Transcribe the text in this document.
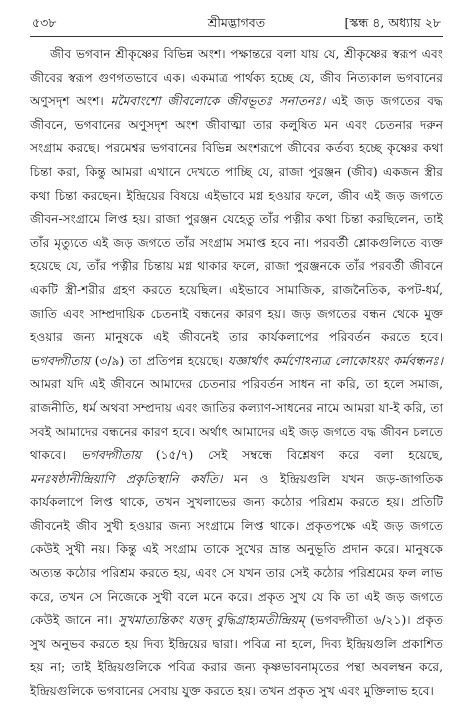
৫৩৮	শ্রীমদ্ভাগবত	[স্কন্ধ ৪, অধ্যায় ২৮

জীব ভগবান শ্রীকৃষ্ণের বিভিন্ন অংশ। পক্ষান্তরে বলা যায় যে, শ্রীকৃষ্ণের স্বরূপ এবং জীবের স্বরূপ গুণগতভাবে এক। একমাত্র পার্থক্য হচ্ছে যে, জীব নিত্যকাল ভগবানের অণুসদৃশ অংশ। মমৈবাংশো জীবলোকে জীবভূতঃ সনাতনঃ। এই জড় জগতের বদ্ধ জীবনে, ভগবানের অণুসদৃশ অংশ জীবাত্মা তার কলুষিত মন এবং চেতনার দরুন সংগ্রাম করছে। পরমেশ্বর ভগবানের বিভিন্ন অংশরূপে জীবের কর্তব্য হচ্ছে কৃষ্ণের কথা চিন্তা করা, কিন্তু আমরা এখানে দেখতে পাচ্ছি যে, রাজা পুরঞ্জন (জীব) একজন স্ত্রীর কথা চিন্তা করছেন। ইন্দ্রিয়ের বিষয়ে এইভাবে মগ্ন হওয়ার ফলে, জীব এই জড় জগতে জীবন-সংগ্রামে লিপ্ত হয়। রাজা পুরঞ্জন যেহেতু তাঁর পত্নীর কথা চিন্তা করছিলেন, তাই তাঁর মৃত্যুতে এই জড় জগতে তাঁর সংগ্রাম সমাপ্ত হবে না। পরবর্তী শ্লোকগুলিতে ব্যক্ত হয়েছে যে, তাঁর পত্নীর চিন্তায় মগ্ন থাকার ফলে, রাজা পুরঞ্জনকে তাঁর পরবর্তী জীবনে একটি স্ত্রী-শরীর গ্রহণ করতে হয়েছিল। এইভাবে সামাজিক, রাজনৈতিক, কপট-ধর্ম, জাতি এবং সাম্প্রদায়িক চেতনাই বন্ধনের কারণ হয়। জড় জগতের বন্ধন থেকে মুক্ত হওয়ার জন্য মানুষকে এই জীবনেই তার কার্যকলাপের পরিবর্তন করতে হবে। ভগবদ্গীতায় (৩/৯) তা প্রতিপন্ন হয়েছে। যজ্ঞার্থাৎ কর্মণোঽন্যত্র লোকোঽয়ং কর্মবন্ধনঃ। আমরা যদি এই জীবনে আমাদের চেতনার পরিবর্তন সাধন না করি, তা হলে সমাজ, রাজনীতি, ধর্ম অথবা সম্প্রদায় এবং জাতির কল্যাণ-সাধনের নামে আমরা যা-ই করি, তা সবই আমাদের বন্ধনের কারণ হবে। অর্থাৎ আমাদের এই জড় জগতে বদ্ধ জীবন চলতে থাকবে। ভগবদ্গীতায় (১৫/৭) সেই সম্বন্ধে বিশ্লেষণ করে বলা হয়েছে, মনঃষষ্ঠানীন্দ্রিয়াণি প্রকৃতিস্থানি কর্ষতি। মন ও ইন্দ্রিয়গুলি যখন জড়-জাগতিক কার্যকলাপে লিপ্ত থাকে, তখন সুখলাভের জন্য কঠোর পরিশ্রম করতে হয়। প্রতিটি জীবনেই জীব সুখী হওয়ার জন্য সংগ্রামে লিপ্ত থাকে। প্রকৃতপক্ষে এই জড় জগতে কেউই সুখী নয়। কিন্তু এই সংগ্রাম তাকে সুখের ভ্রান্ত অনুভূতি প্রদান করে। মানুষকে অত্যন্ত কঠোর পরিশ্রম করতে হয়, এবং সে যখন তার সেই কঠোর পরিশ্রমের ফল লাভ করে, তখন সে নিজেকে সুখী বলে মনে করে। প্রকৃত সুখ যে কি তা এই জড় জগতে কেউই জানে না। সুখমাত্যন্তিকং যত্তদ্ বুদ্ধিগ্রাহ্যমতীন্দ্রিয়ম্ (ভগবদ্গীতা ৬/২১)। প্রকৃত সুখ অনুভব করতে হয় দিব্য ইন্দ্রিয়ের দ্বারা। পবিত্র না হলে, দিব্য ইন্দ্রিয়গুলি প্রকাশিত হয় না; তাই ইন্দ্রিয়গুলিকে পবিত্র করার জন্য কৃষ্ণভাবনামৃতের পন্থা অবলম্বন করে, ইন্দ্রিয়গুলিকে ভগবানের সেবায় যুক্ত করতে হয়। তখন প্রকৃত সুখ এবং মুক্তিলাভ হবে।
